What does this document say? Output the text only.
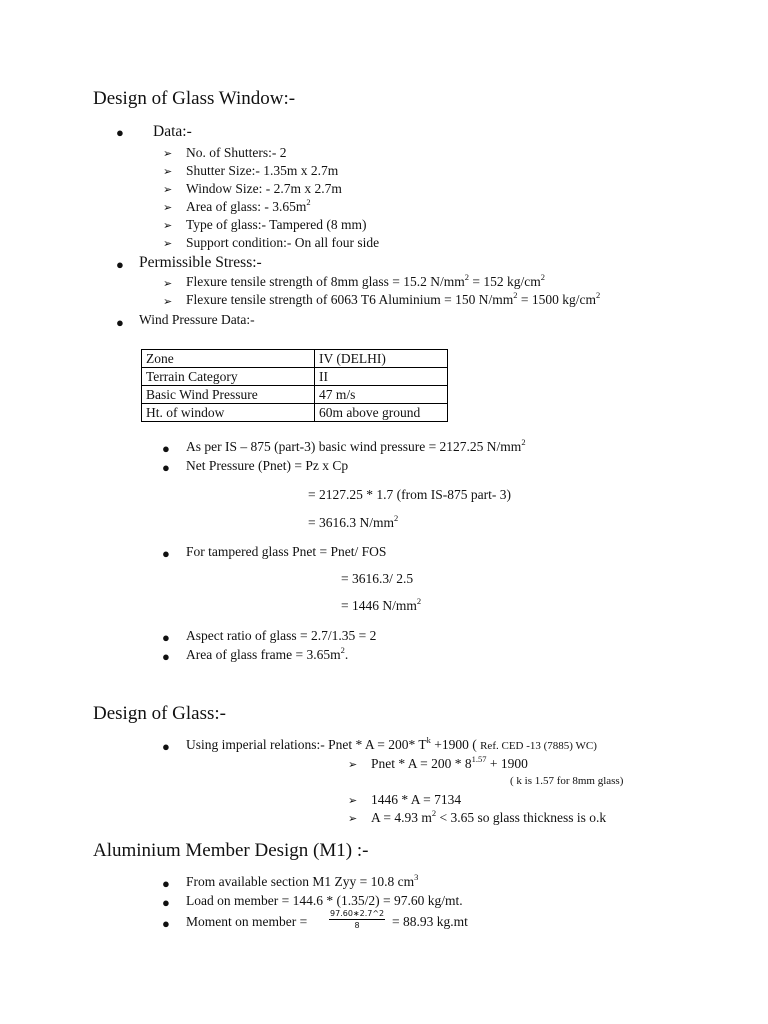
Design of Glass Window:-
● Data:-
➢ No. of Shutters:- 2
➢ Shutter Size:- 1.35m x 2.7m
➢ Window Size: - 2.7m x 2.7m
➢ Area of glass: - $3.65m^2$
➢ Type of glass:- Tampered (8 mm)
➢ Support condition:- On all four side
● Permissible Stress:-
➢ Flexure tensile strength of 8mm glass = 15.2 $N/mm^2 = 152$ $kg/cm^2$
➢ Flexure tensile strength of 6063 T6 Aluminium = 150 $N/mm^2 = 1500$ $kg/cm^2$
● Wind Pressure Data:-
Zone	IV (DELHI)
Terrain Category	II
Basic Wind Pressure	47 m/s
Ht. of window	60m above ground
● As per IS – 875 (part-3) basic wind pressure = 2127.25 $N/mm^2$
● Net Pressure (Pnet) = Pz x Cp
= 2127.25 * 1.7 (from IS-875 part- 3)
= 3616.3 $N/mm^2$
● For tampered glass Pnet = Pnet/ FOS
= 3616.3/ 2.5
= 1446 $N/mm^2$
● Aspect ratio of glass = 2.7/1.35 = 2
● Area of glass frame = $3.65m^2$.
Design of Glass:-
● Using imperial relations:- Pnet * A = 200* $T^k +1900$ ( Ref. CED -13 (7885) WC)
➢ Pnet * $A = 200 * 8^{1.57} + 1900$
( k is 1.57 for 8mm glass)
➢ 1446 * A = 7134
➢ A = 4.93 $m^2 < 3.65$ so glass thickness is o.k
Aluminium Member Design (M1) :-
● From available section M1 Zyy = 10.8 $cm^3$
● Load on member = 144.6 * (1.35/2) = 97.60 kg/mt.
● Moment on member =	$\frac{97.60∗2.7\^{}2}{8} = 88.93$ kg.mt
